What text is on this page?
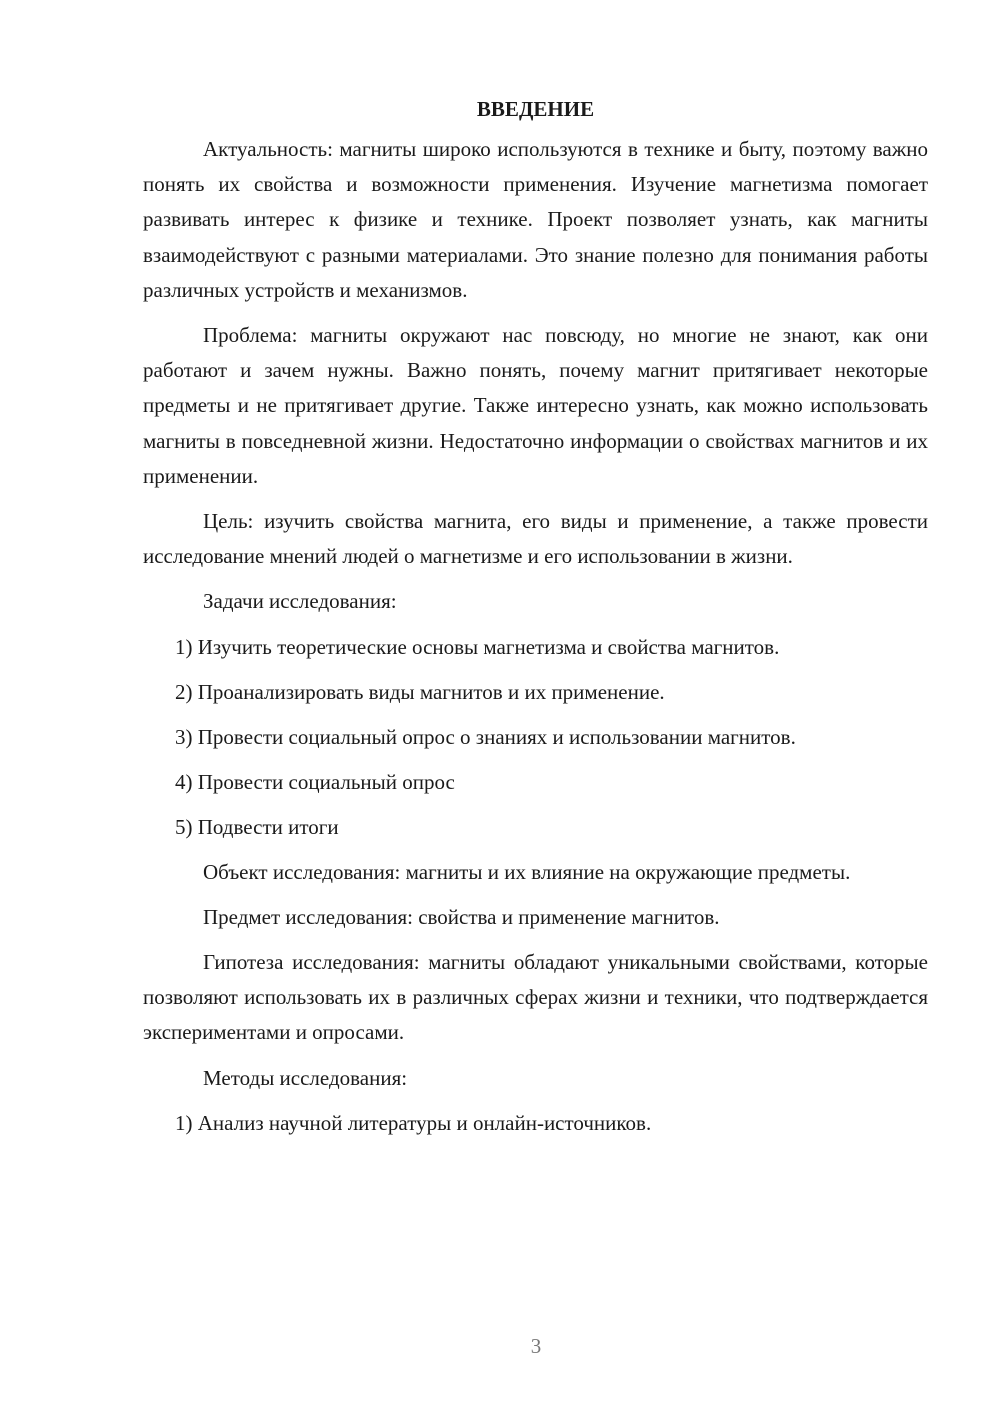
ВВЕДЕНИЕ

Актуальность: магниты широко используются в технике и быту, поэтому важно понять их свойства и возможности применения. Изучение магнетизма помогает развивать интерес к физике и технике. Проект позволяет узнать, как магниты взаимодействуют с разными материалами. Это знание полезно для понимания работы различных устройств и механизмов.

Проблема: магниты окружают нас повсюду, но многие не знают, как они работают и зачем нужны. Важно понять, почему магнит притягивает некоторые предметы и не притягивает другие. Также интересно узнать, как можно использовать магниты в повседневной жизни. Недостаточно информации о свойствах магнитов и их применении.

Цель: изучить свойства магнита, его виды и применение, а также провести исследование мнений людей о магнетизме и его использовании в жизни.

Задачи исследования:

1) Изучить теоретические основы магнетизма и свойства магнитов.
2) Проанализировать виды магнитов и их применение.
3) Провести социальный опрос о знаниях и использовании магнитов.
4) Провести социальный опрос
5) Подвести итоги

Объект исследования: магниты и их влияние на окружающие предметы.

Предмет исследования: свойства и применение магнитов.

Гипотеза исследования: магниты обладают уникальными свойствами, которые позволяют использовать их в различных сферах жизни и техники, что подтверждается экспериментами и опросами.

Методы исследования:

1) Анализ научной литературы и онлайн-источников.
3
